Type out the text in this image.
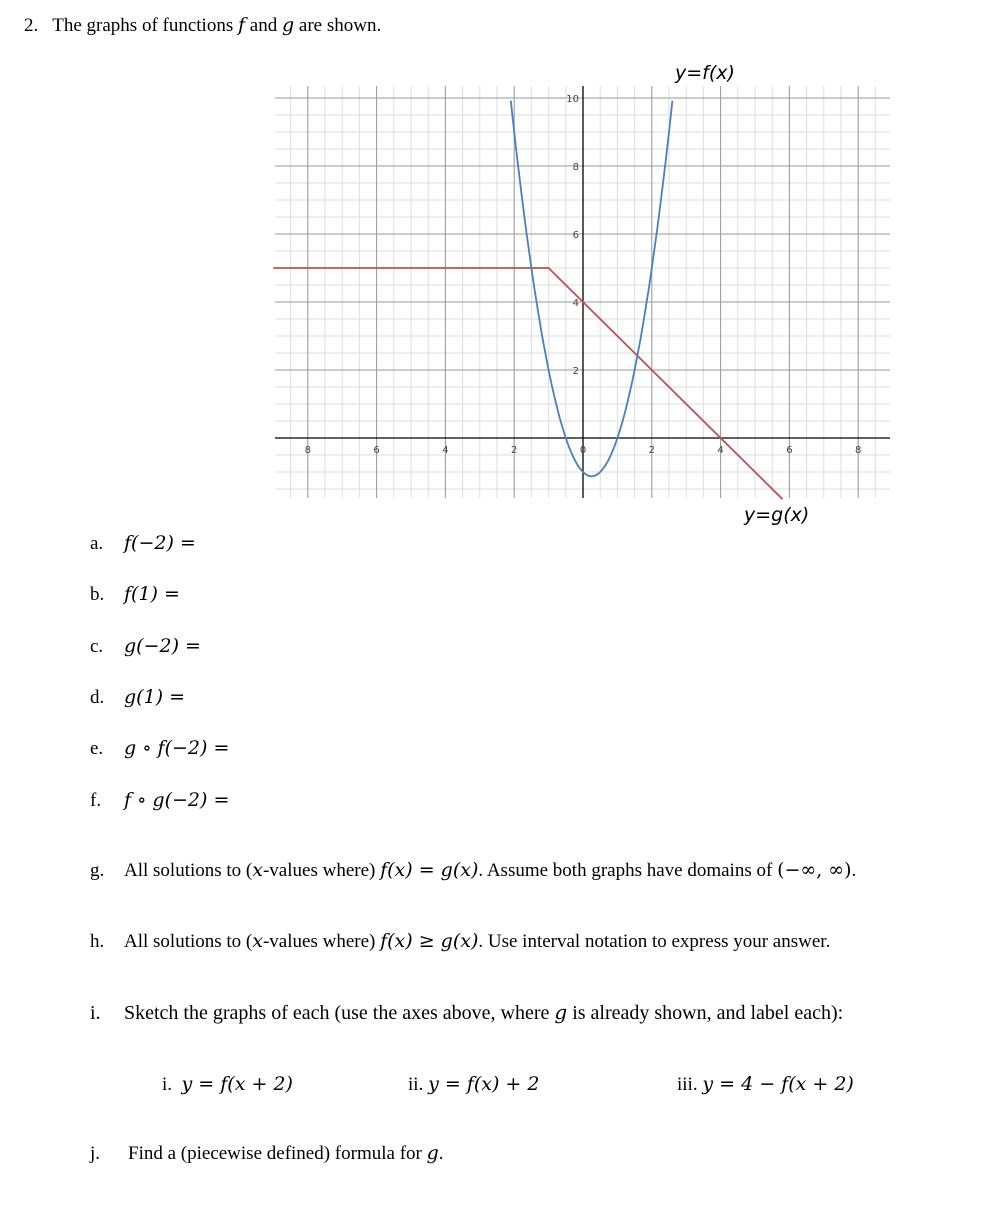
2. The graphs of functions f and g are shown.
8	6	4	2	0	2	4	6	8
10
8
6
4
2
y=f(x)
y=g(x)
a. f(−2) =
b. f(1) =
c. g(−2) =
d. g(1) =
e. g ∘ f(−2) =
f. f ∘ g(−2) =
g. All solutions to (x-values where) f(x) = g(x). Assume both graphs have domains of (−∞, ∞).
h. All solutions to (x-values where) f(x) ≥ g(x). Use interval notation to express your answer.
i. Sketch the graphs of each (use the axes above, where g is already shown, and label each):
i. y = f(x + 2)	ii. y = f(x) + 2	iii. y = 4 − f(x + 2)
j. Find a (piecewise defined) formula for g.
